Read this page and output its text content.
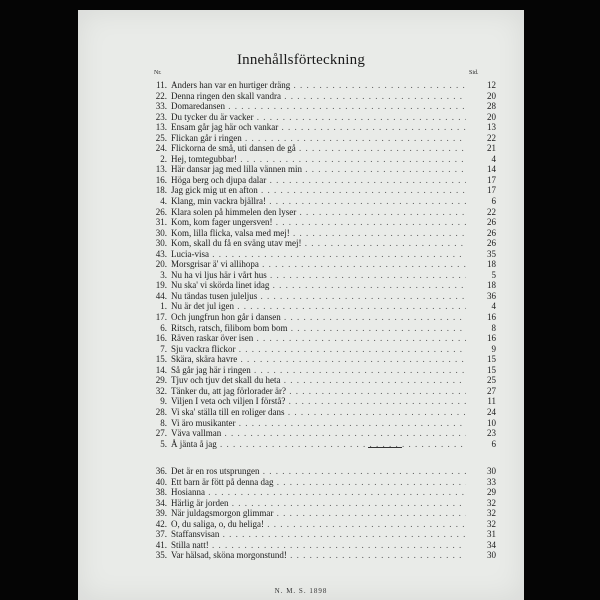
Innehållsförteckning
Nr.	Sid.
11. Anders han var en hurtiger dräng . . .	12
22. Denna ringen den skall vandra . . .	20
33. Domaredansen . . .	28
23. Du tycker du är vacker . . .	20
13. Ensam går jag här och vankar . . .	13
25. Flickan går i ringen . . .	22
24. Flickorna de små, uti dansen de gå . . .	21
2. Hej, tomtegubbar! . . .	4
13. Här dansar jag med lilla vännen min . . .	14
16. Höga berg och djupa dalar . . .	17
18. Jag gick mig ut en afton . . .	17
4. Klang, min vackra bjällra! . . .	6
26. Klara solen på himmelen den lyser . . .	22
31. Kom, kom fager ungersven! . . .	26
30. Kom, lilla flicka, valsa med mej! . . .	26
30. Kom, skall du få en sväng utav mej! . . .	26
43. Lucia-visa . . .	35
20. Morsgrisar ä' vi allihopa . . .	18
3. Nu ha vi ljus här i vårt hus . . .	5
19. Nu ska' vi skörda linet idag . . .	18
44. Nu tändas tusen juleljus . . .	36
1. Nu är det jul igen . . .	4
17. Och jungfrun hon går i dansen . . .	16
6. Ritsch, ratsch, filibom bom bom . . .	8
16. Räven raskar över isen . . .	16
7. Sju vackra flickor . . .	9
15. Skära, skära havre . . .	15
14. Så går jag här i ringen . . .	15
29. Tjuv och tjuv det skall du heta . . .	25
32. Tänker du, att jag förlorader är? . . .	27
9. Viljen I veta och viljen I förstå? . . .	11
28. Vi ska' ställa till en roliger dans . . .	24
8. Vi äro musikanter . . .	10
27. Väva vallman . . .	23
5. Å jänta å jag . . .	6
36. Det är en ros utsprungen . . .	30
40. Ett barn är fött på denna dag . . .	33
38. Hosianna . . .	29
34. Härlig är jorden . . .	32
39. När juldagsmorgon glimmar . . .	32
42. O, du saliga, o, du heliga! . . .	32
37. Staffansvisan . . .	31
41. Stilla natt! . . .	34
35. Var hälsad, sköna morgonstund! . . .	30
N. M. S. 1898
